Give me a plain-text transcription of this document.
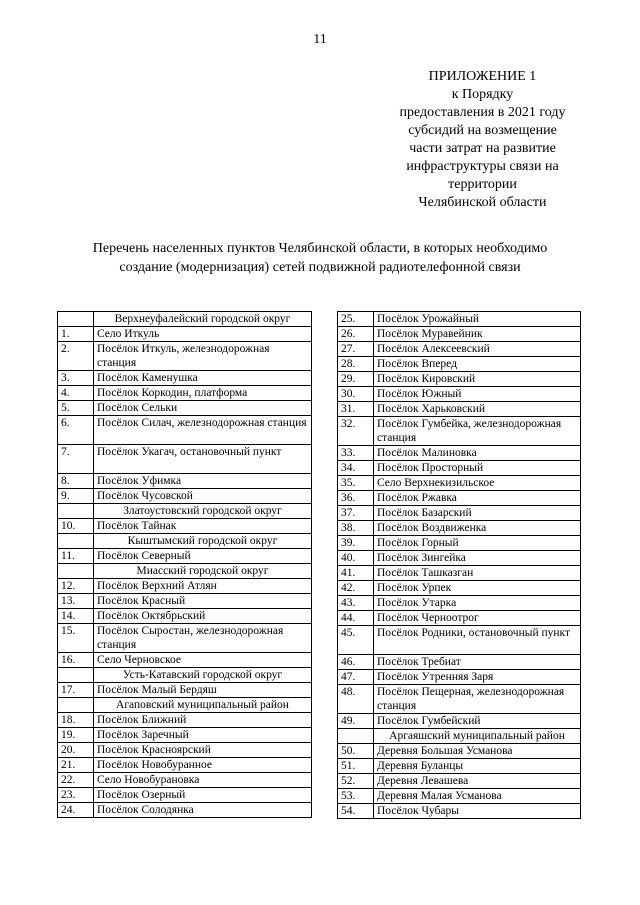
11
ПРИЛОЖЕНИЕ 1
к Порядку
предоставления в 2021 году
субсидий на возмещение
части затрат на развитие
инфраструктуры связи на
территории
Челябинской области
Перечень населенных пунктов Челябинской области, в которых необходимо
создание (модернизация) сетей подвижной радиотелефонной связи
	Верхнеуфалейский городской округ
1.	Село Иткуль
2.	Посёлок Иткуль, железнодорожная станция
3.	Посёлок Каменушка
4.	Посёлок Коркодин, платформа
5.	Посёлок Сельки
6.	Посёлок Силач, железнодорожная станция
7.	Посёлок Укагач, остановочный пункт
8.	Посёлок Уфимка
9.	Посёлок Чусовской
	Златоустовский городской округ
10.	Посёлок Тайнак
	Кыштымский городской округ
11.	Посёлок Северный
	Миасский городской округ
12.	Посёлок Верхний Атлян
13.	Посёлок Красный
14.	Посёлок Октябрьский
15.	Посёлок Сыростан, железнодорожная станция
16.	Село Черновское
	Усть-Катавский городской округ
17.	Посёлок Малый Бердяш
	Агаповский муниципальный район
18.	Посёлок Ближний
19.	Посёлок Заречный
20.	Посёлок Красноярский
21.	Посёлок Новобуранное
22.	Село Новобурановка
23.	Посёлок Озерный
24.	Посёлок Солодянка
25.	Посёлок Урожайный
26.	Посёлок Муравейник
27.	Посёлок Алексеевский
28.	Посёлок Вперед
29.	Посёлок Кировский
30.	Посёлок Южный
31.	Посёлок Харьковский
32.	Посёлок Гумбейка, железнодорожная станция
33.	Посёлок Малиновка
34.	Посёлок Просторный
35.	Село Верхнекизильское
36.	Посёлок Ржавка
37.	Посёлок Базарский
38.	Посёлок Воздвиженка
39.	Посёлок Горный
40.	Посёлок Зингейка
41.	Посёлок Ташказган
42.	Посёлок Урпек
43.	Посёлок Утарка
44.	Посёлок Черноотрог
45.	Посёлок Родники, остановочный пункт
46.	Посёлок Требиат
47.	Посёлок Утренняя Заря
48.	Посёлок Пещерная, железнодорожная станция
49.	Посёлок Гумбейский
	Аргаяшский муниципальный район
50.	Деревня Большая Усманова
51.	Деревня Буланцы
52.	Деревня Левашева
53.	Деревня Малая Усманова
54.	Посёлок Чубары
